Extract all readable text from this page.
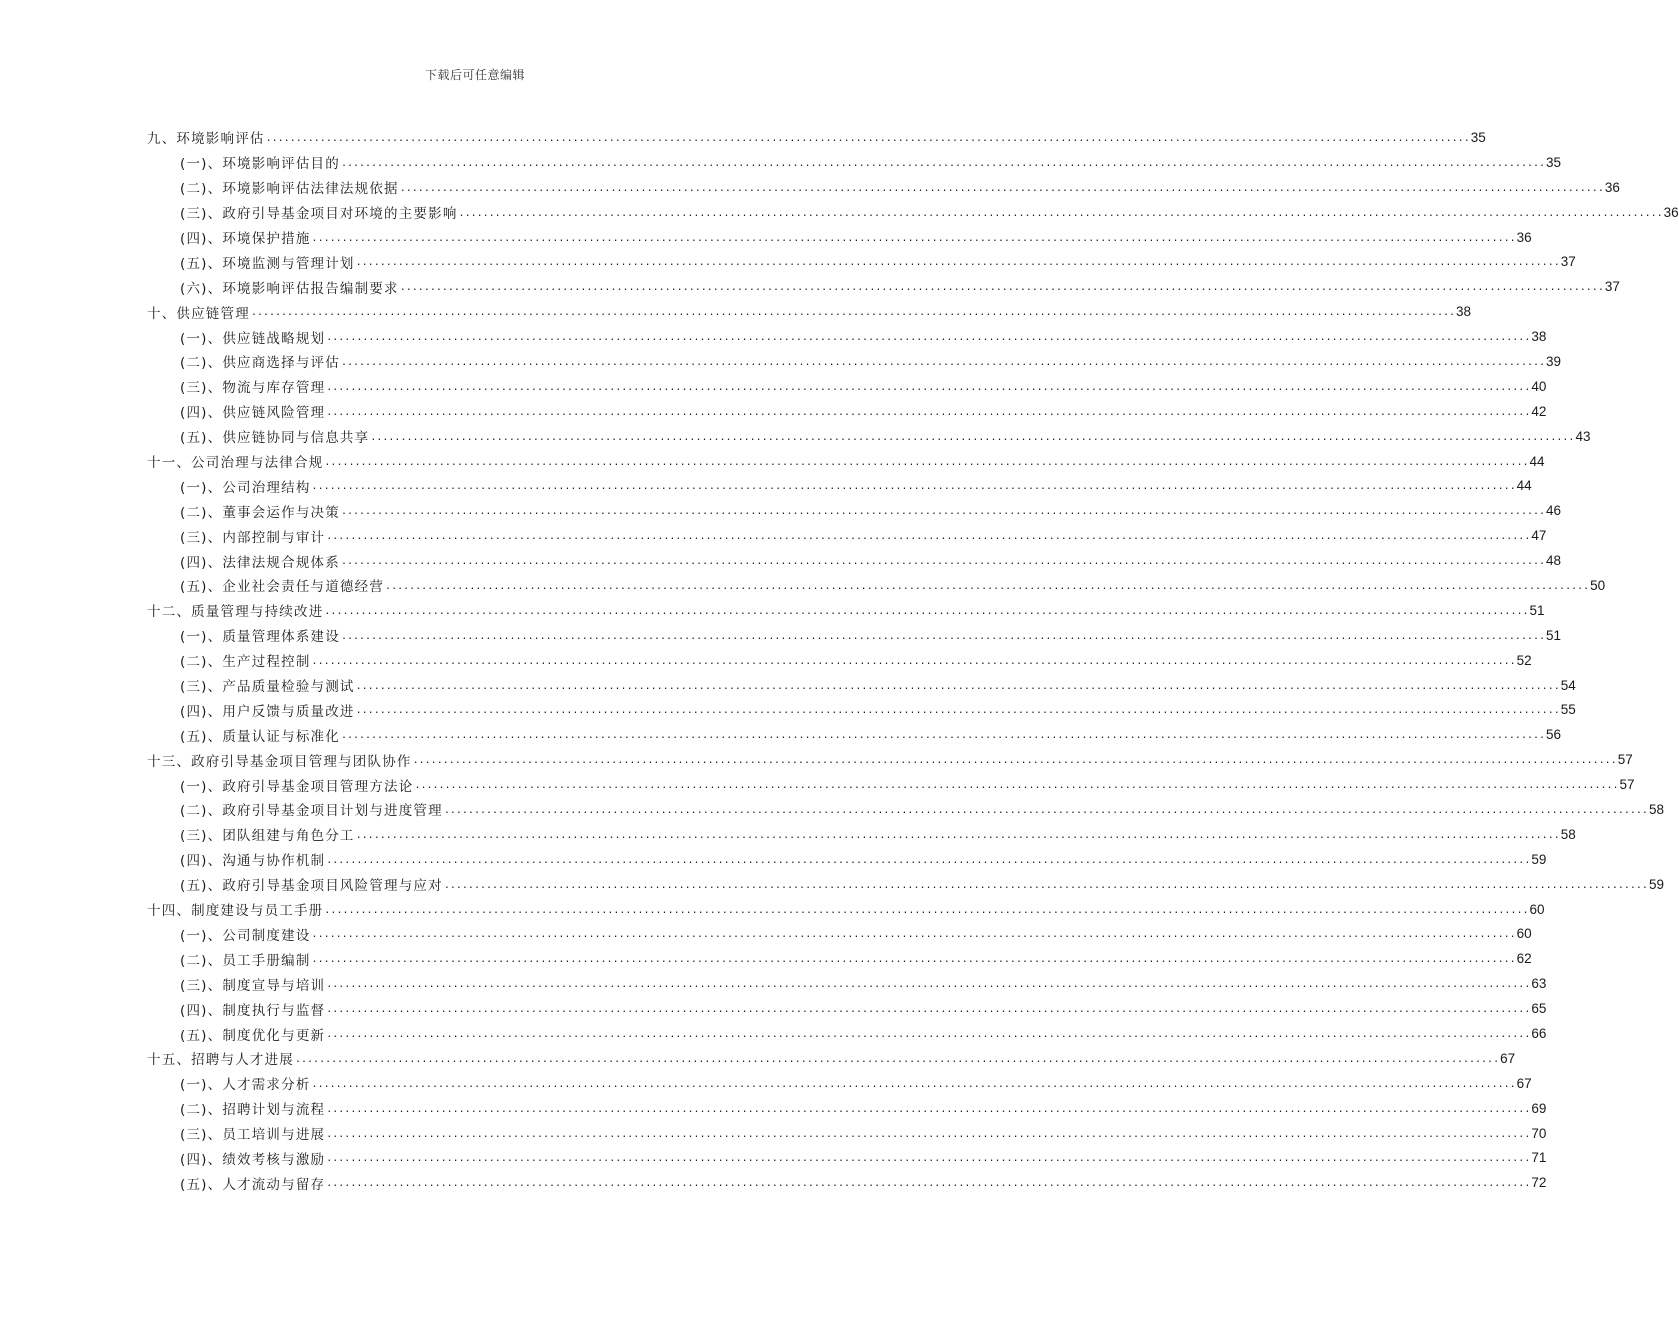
下载后可任意编辑
九、环境影响评估 ........................................................................................................................................................................................................ 35
(一)、环境影响评估目的 ........................................................................................................................................................................................................ 35
(二)、环境影响评估法律法规依据 ........................................................................................................................................................................................................ 36
(三)、政府引导基金项目对环境的主要影响 ........................................................................................................................................................................................................ 36
(四)、环境保护措施 ........................................................................................................................................................................................................ 36
(五)、环境监测与管理计划 ........................................................................................................................................................................................................ 37
(六)、环境影响评估报告编制要求 ........................................................................................................................................................................................................ 37
十、供应链管理 ........................................................................................................................................................................................................ 38
(一)、供应链战略规划 ........................................................................................................................................................................................................ 38
(二)、供应商选择与评估 ........................................................................................................................................................................................................ 39
(三)、物流与库存管理 ........................................................................................................................................................................................................ 40
(四)、供应链风险管理 ........................................................................................................................................................................................................ 42
(五)、供应链协同与信息共享 ........................................................................................................................................................................................................ 43
十一、公司治理与法律合规 ........................................................................................................................................................................................................ 44
(一)、公司治理结构 ........................................................................................................................................................................................................ 44
(二)、董事会运作与决策 ........................................................................................................................................................................................................ 46
(三)、内部控制与审计 ........................................................................................................................................................................................................ 47
(四)、法律法规合规体系 ........................................................................................................................................................................................................ 48
(五)、企业社会责任与道德经营 ........................................................................................................................................................................................................ 50
十二、质量管理与持续改进 ........................................................................................................................................................................................................ 51
(一)、质量管理体系建设 ........................................................................................................................................................................................................ 51
(二)、生产过程控制 ........................................................................................................................................................................................................ 52
(三)、产品质量检验与测试 ........................................................................................................................................................................................................ 54
(四)、用户反馈与质量改进 ........................................................................................................................................................................................................ 55
(五)、质量认证与标准化 ........................................................................................................................................................................................................ 56
十三、政府引导基金项目管理与团队协作 ........................................................................................................................................................................................................ 57
(一)、政府引导基金项目管理方法论 ........................................................................................................................................................................................................ 57
(二)、政府引导基金项目计划与进度管理 ........................................................................................................................................................................................................ 58
(三)、团队组建与角色分工 ........................................................................................................................................................................................................ 58
(四)、沟通与协作机制 ........................................................................................................................................................................................................ 59
(五)、政府引导基金项目风险管理与应对 ........................................................................................................................................................................................................ 59
十四、制度建设与员工手册 ........................................................................................................................................................................................................ 60
(一)、公司制度建设 ........................................................................................................................................................................................................ 60
(二)、员工手册编制 ........................................................................................................................................................................................................ 62
(三)、制度宣导与培训 ........................................................................................................................................................................................................ 63
(四)、制度执行与监督 ........................................................................................................................................................................................................ 65
(五)、制度优化与更新 ........................................................................................................................................................................................................ 66
十五、招聘与人才进展 ........................................................................................................................................................................................................ 67
(一)、人才需求分析 ........................................................................................................................................................................................................ 67
(二)、招聘计划与流程 ........................................................................................................................................................................................................ 69
(三)、员工培训与进展 ........................................................................................................................................................................................................ 70
(四)、绩效考核与激励 ........................................................................................................................................................................................................ 71
(五)、人才流动与留存 ........................................................................................................................................................................................................ 72
